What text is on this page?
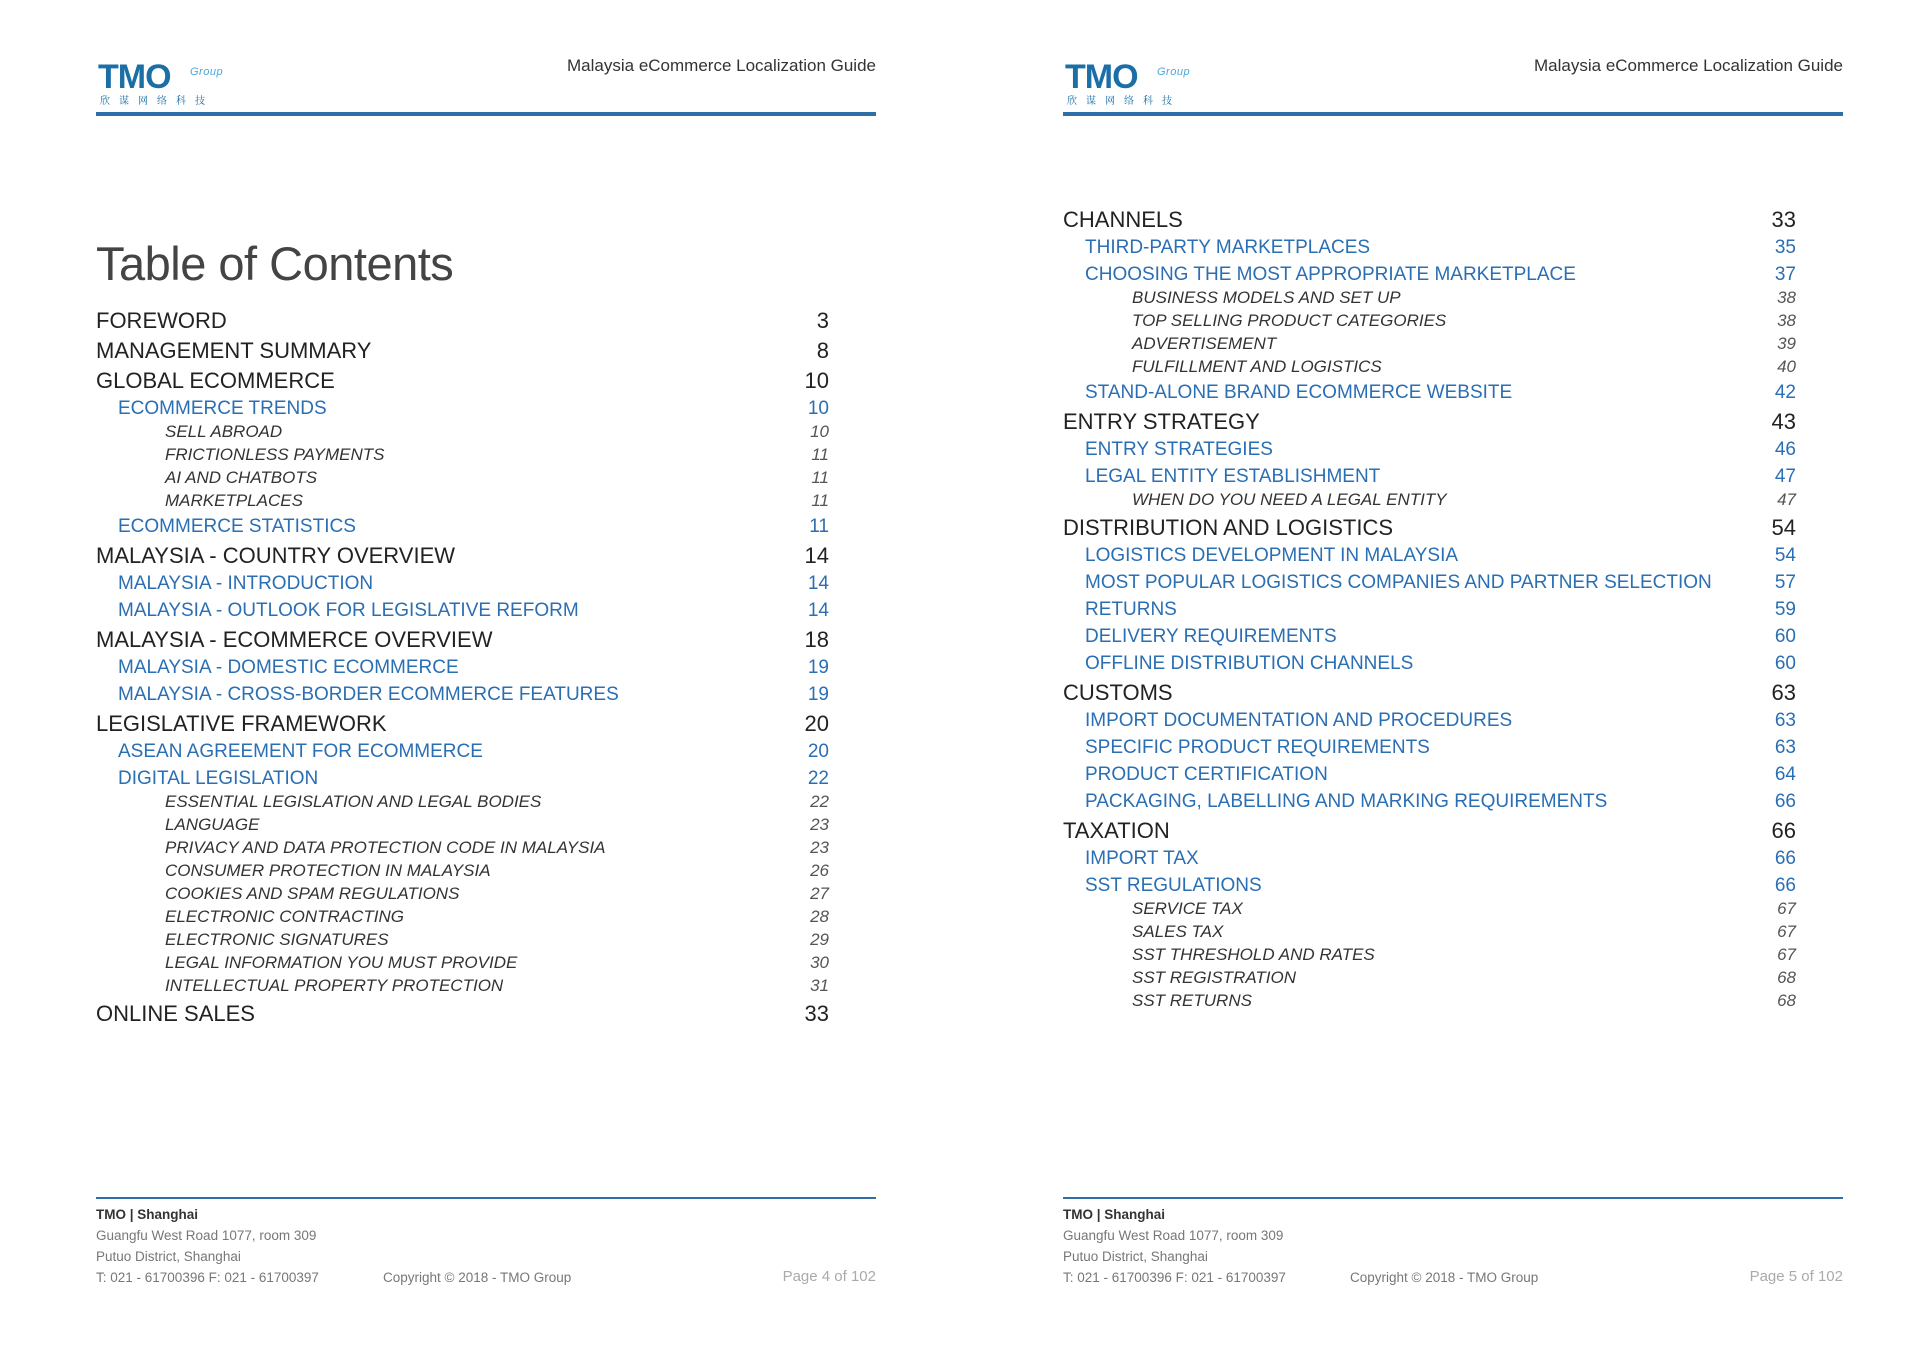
TMO Group
欣谋网络科技
Malaysia eCommerce Localization Guide
Table of Contents
FOREWORD	3
MANAGEMENT SUMMARY	8
GLOBAL ECOMMERCE	10
ECOMMERCE TRENDS	10
SELL ABROAD	10
FRICTIONLESS PAYMENTS	11
AI AND CHATBOTS	11
MARKETPLACES	11
ECOMMERCE STATISTICS	11
MALAYSIA - COUNTRY OVERVIEW	14
MALAYSIA - INTRODUCTION	14
MALAYSIA - OUTLOOK FOR LEGISLATIVE REFORM	14
MALAYSIA - ECOMMERCE OVERVIEW	18
MALAYSIA - DOMESTIC ECOMMERCE	19
MALAYSIA - CROSS-BORDER ECOMMERCE FEATURES	19
LEGISLATIVE FRAMEWORK	20
ASEAN AGREEMENT FOR ECOMMERCE	20
DIGITAL LEGISLATION	22
ESSENTIAL LEGISLATION AND LEGAL BODIES	22
LANGUAGE	23
PRIVACY AND DATA PROTECTION CODE IN MALAYSIA	23
CONSUMER PROTECTION IN MALAYSIA	26
COOKIES AND SPAM REGULATIONS	27
ELECTRONIC CONTRACTING	28
ELECTRONIC SIGNATURES	29
LEGAL INFORMATION YOU MUST PROVIDE	30
INTELLECTUAL PROPERTY PROTECTION	31
ONLINE SALES	33
TMO | Shanghai
Guangfu West Road 1077, room 309
Putuo District, Shanghai
T: 021 - 61700396 F: 021 - 61700397	Copyright © 2018 - TMO Group	Page 4 of 102
TMO Group
欣谋网络科技
Malaysia eCommerce Localization Guide
CHANNELS	33
THIRD-PARTY MARKETPLACES	35
CHOOSING THE MOST APPROPRIATE MARKETPLACE	37
BUSINESS MODELS AND SET UP	38
TOP SELLING PRODUCT CATEGORIES	38
ADVERTISEMENT	39
FULFILLMENT AND LOGISTICS	40
STAND-ALONE BRAND ECOMMERCE WEBSITE	42
ENTRY STRATEGY	43
ENTRY STRATEGIES	46
LEGAL ENTITY ESTABLISHMENT	47
WHEN DO YOU NEED A LEGAL ENTITY	47
DISTRIBUTION AND LOGISTICS	54
LOGISTICS DEVELOPMENT IN MALAYSIA	54
MOST POPULAR LOGISTICS COMPANIES AND PARTNER SELECTION	57
RETURNS	59
DELIVERY REQUIREMENTS	60
OFFLINE DISTRIBUTION CHANNELS	60
CUSTOMS	63
IMPORT DOCUMENTATION AND PROCEDURES	63
SPECIFIC PRODUCT REQUIREMENTS	63
PRODUCT CERTIFICATION	64
PACKAGING, LABELLING AND MARKING REQUIREMENTS	66
TAXATION	66
IMPORT TAX	66
SST REGULATIONS	66
SERVICE TAX	67
SALES TAX	67
SST THRESHOLD AND RATES	67
SST REGISTRATION	68
SST RETURNS	68
TMO | Shanghai
Guangfu West Road 1077, room 309
Putuo District, Shanghai
T: 021 - 61700396 F: 021 - 61700397	Copyright © 2018 - TMO Group	Page 5 of 102
